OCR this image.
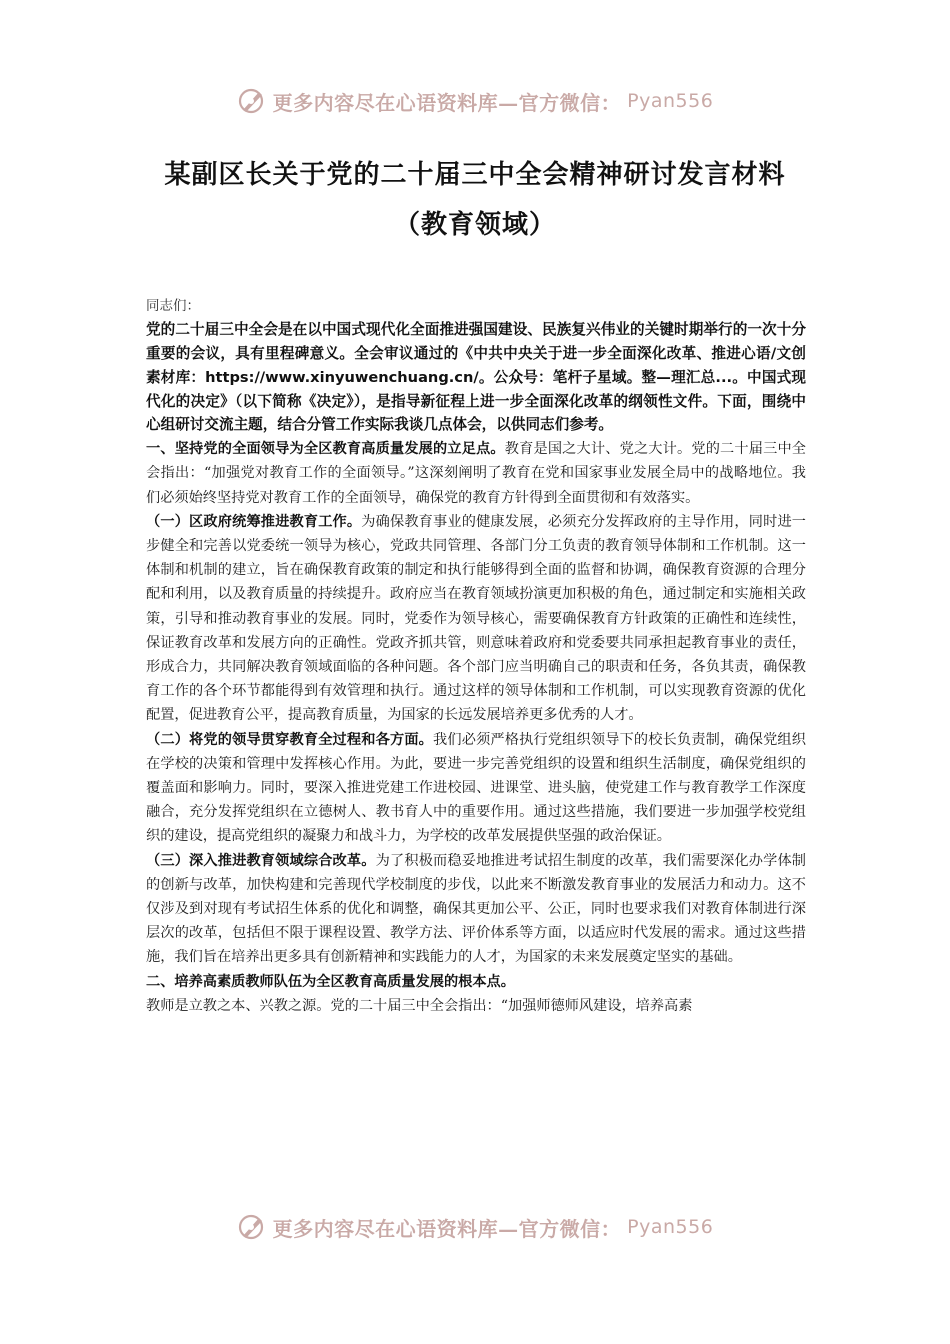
更多内容尽在心语资料库—官方微信： Pyan556
某副区长关于党的二十届三中全会精神研讨发言材料
（教育领域）

同志们：

党的二十届三中全会是在以中国式现代化全面推进强国建设、民族复兴伟业的关键时期举行的一次十分重要的会议，具有里程碑意义。全会审议通过的《中共中央关于进一步全面深化改革、推进心语/文创素材库：https://www.xinyuwenchuang.cn/。公众号：笔杆子星域。整—理汇总...。中国式现代化的决定》（以下简称《决定》），是指导新征程上进一步全面深化改革的纲领性文件。下面，围绕中心组研讨交流主题，结合分管工作实际我谈几点体会，以供同志们参考。

一、坚持党的全面领导为全区教育高质量发展的立足点。教育是国之大计、党之大计。党的二十届三中全会指出：“加强党对教育工作的全面领导。”这深刻阐明了教育在党和国家事业发展全局中的战略地位。我们必须始终坚持党对教育工作的全面领导，确保党的教育方针得到全面贯彻和有效落实。

（一）区政府统筹推进教育工作。为确保教育事业的健康发展，必须充分发挥政府的主导作用，同时进一步健全和完善以党委统一领导为核心，党政共同管理、各部门分工负责的教育领导体制和工作机制。这一体制和机制的建立，旨在确保教育政策的制定和执行能够得到全面的监督和协调，确保教育资源的合理分配和利用，以及教育质量的持续提升。政府应当在教育领域扮演更加积极的角色，通过制定和实施相关政策，引导和推动教育事业的发展。同时，党委作为领导核心，需要确保教育方针政策的正确性和连续性，保证教育改革和发展方向的正确性。党政齐抓共管，则意味着政府和党委要共同承担起教育事业的责任，形成合力，共同解决教育领域面临的各种问题。各个部门应当明确自己的职责和任务，各负其责，确保教育工作的各个环节都能得到有效管理和执行。通过这样的领导体制和工作机制，可以实现教育资源的优化配置，促进教育公平，提高教育质量，为国家的长远发展培养更多优秀的人才。

（二）将党的领导贯穿教育全过程和各方面。我们必须严格执行党组织领导下的校长负责制，确保党组织在学校的决策和管理中发挥核心作用。为此，要进一步完善党组织的设置和组织生活制度，确保党组织的覆盖面和影响力。同时，要深入推进党建工作进校园、进课堂、进头脑，使党建工作与教育教学工作深度融合，充分发挥党组织在立德树人、教书育人中的重要作用。通过这些措施，我们要进一步加强学校党组织的建设，提高党组织的凝聚力和战斗力，为学校的改革发展提供坚强的政治保证。

（三）深入推进教育领域综合改革。为了积极而稳妥地推进考试招生制度的改革，我们需要深化办学体制的创新与改革，加快构建和完善现代学校制度的步伐，以此来不断激发教育事业的发展活力和动力。这不仅涉及到对现有考试招生体系的优化和调整，确保其更加公平、公正，同时也要求我们对教育体制进行深层次的改革，包括但不限于课程设置、教学方法、评价体系等方面，以适应时代发展的需求。通过这些措施，我们旨在培养出更多具有创新精神和实践能力的人才，为国家的未来发展奠定坚实的基础。

二、培养高素质教师队伍为全区教育高质量发展的根本点。

教师是立教之本、兴教之源。党的二十届三中全会指出：“加强师德师风建设，培养高素

更多内容尽在心语资料库—官方微信： Pyan556
